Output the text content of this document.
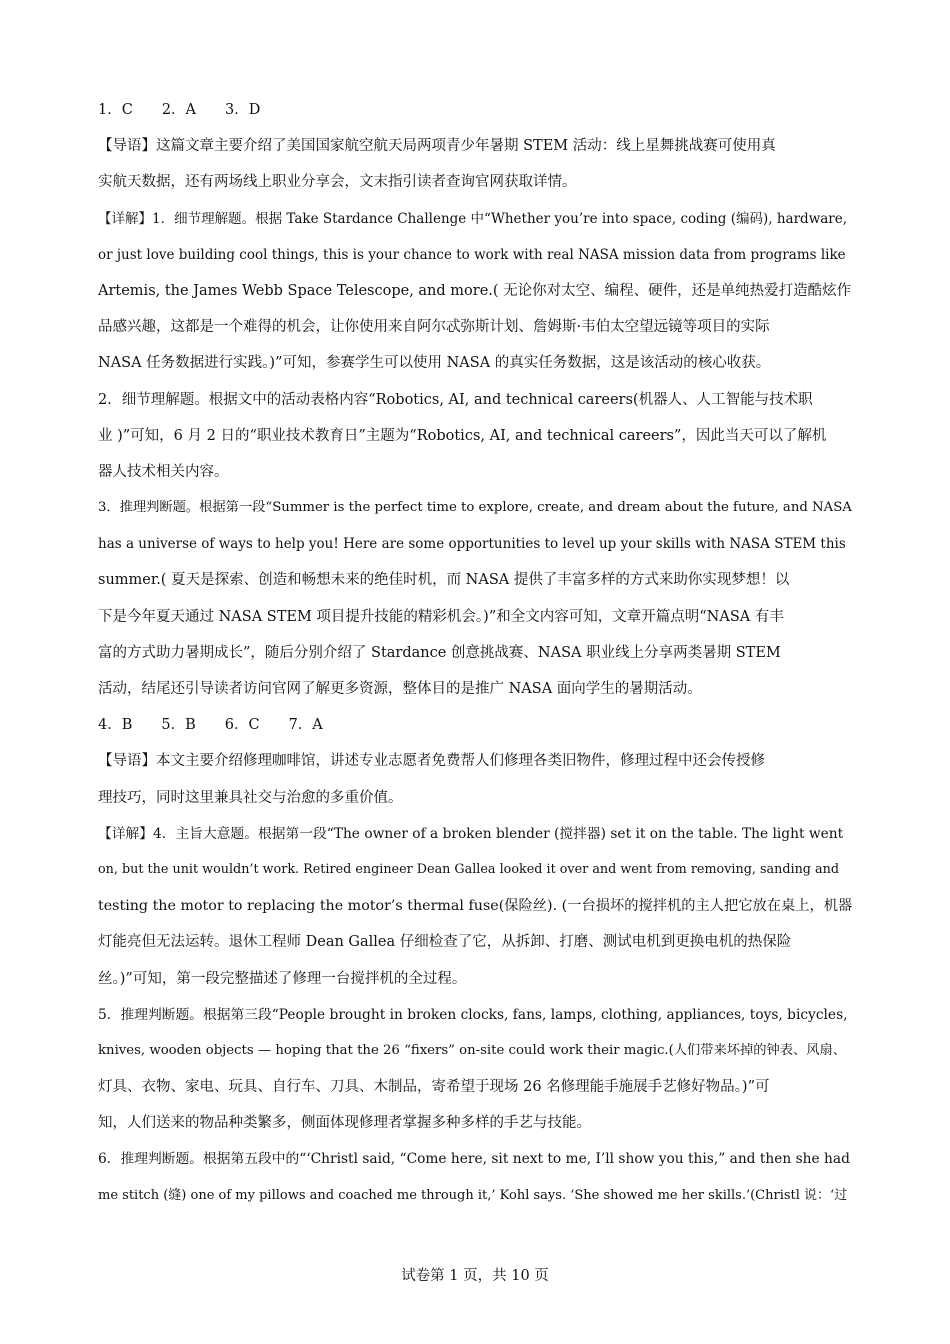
1．C　　2．A　　3．D
【导语】这篇文章主要介绍了美国国家航空航天局两项青少年暑期 STEM 活动：线上星舞挑战赛可使用真
实航天数据，还有两场线上职业分享会，文末指引读者查询官网获取详情。
【详解】1．细节理解题。根据 Take Stardance Challenge 中“Whether you’re into space, coding (编码), hardware,
or just love building cool things, this is your chance to work with real NASA mission data from programs like
Artemis, the James Webb Space Telescope, and more.( 无论你对太空、编程、硬件，还是单纯热爱打造酷炫作
品感兴趣，这都是一个难得的机会，让你使用来自阿尔忒弥斯计划、詹姆斯·韦伯太空望远镜等项目的实际
NASA 任务数据进行实践。)”可知，参赛学生可以使用 NASA 的真实任务数据，这是该活动的核心收获。
2．细节理解题。根据文中的活动表格内容“Robotics, AI, and technical careers(机器人、人工智能与技术职
业 )”可知，6 月 2 日的“职业技术教育日”主题为“Robotics, AI, and technical careers”，因此当天可以了解机
器人技术相关内容。
3．推理判断题。根据第一段“Summer is the perfect time to explore, create, and dream about the future, and NASA
has a universe of ways to help you! Here are some opportunities to level up your skills with NASA STEM this
summer.( 夏天是探索、创造和畅想未来的绝佳时机，而 NASA 提供了丰富多样的方式来助你实现梦想！以
下是今年夏天通过 NASA STEM 项目提升技能的精彩机会。)”和全文内容可知，文章开篇点明“NASA 有丰
富的方式助力暑期成长”，随后分别介绍了 Stardance 创意挑战赛、NASA 职业线上分享两类暑期 STEM
活动，结尾还引导读者访问官网了解更多资源，整体目的是推广 NASA 面向学生的暑期活动。
4．B　　5．B　　6．C　　7．A
【导语】本文主要介绍修理咖啡馆，讲述专业志愿者免费帮人们修理各类旧物件，修理过程中还会传授修
理技巧，同时这里兼具社交与治愈的多重价值。
【详解】4．主旨大意题。根据第一段“The owner of a broken blender (搅拌器) set it on the table. The light went
on, but the unit wouldn’t work. Retired engineer Dean Gallea looked it over and went from removing, sanding and
testing the motor to replacing the motor’s thermal fuse(保险丝). (一台损坏的搅拌机的主人把它放在桌上，机器
灯能亮但无法运转。退休工程师 Dean Gallea 仔细检查了它，从拆卸、打磨、测试电机到更换电机的热保险
丝。)”可知，第一段完整描述了修理一台搅拌机的全过程。
5．推理判断题。根据第三段“People brought in broken clocks, fans, lamps, clothing, appliances, toys, bicycles,
knives, wooden objects — hoping that the 26 “fixers” on-site could work their magic.(人们带来坏掉的钟表、风扇、
灯具、衣物、家电、玩具、自行车、刀具、木制品，寄希望于现场 26 名修理能手施展手艺修好物品。)”可
知，人们送来的物品种类繁多，侧面体现修理者掌握多种多样的手艺与技能。
6．推理判断题。根据第五段中的“‘Christl said, “Come here, sit next to me, I’ll show you this,” and then she had
me stitch (缝) one of my pillows and coached me through it,’ Kohl says. ‘She showed me her skills.’(Christl 说：‘过
试卷第 1 页，共 10 页
